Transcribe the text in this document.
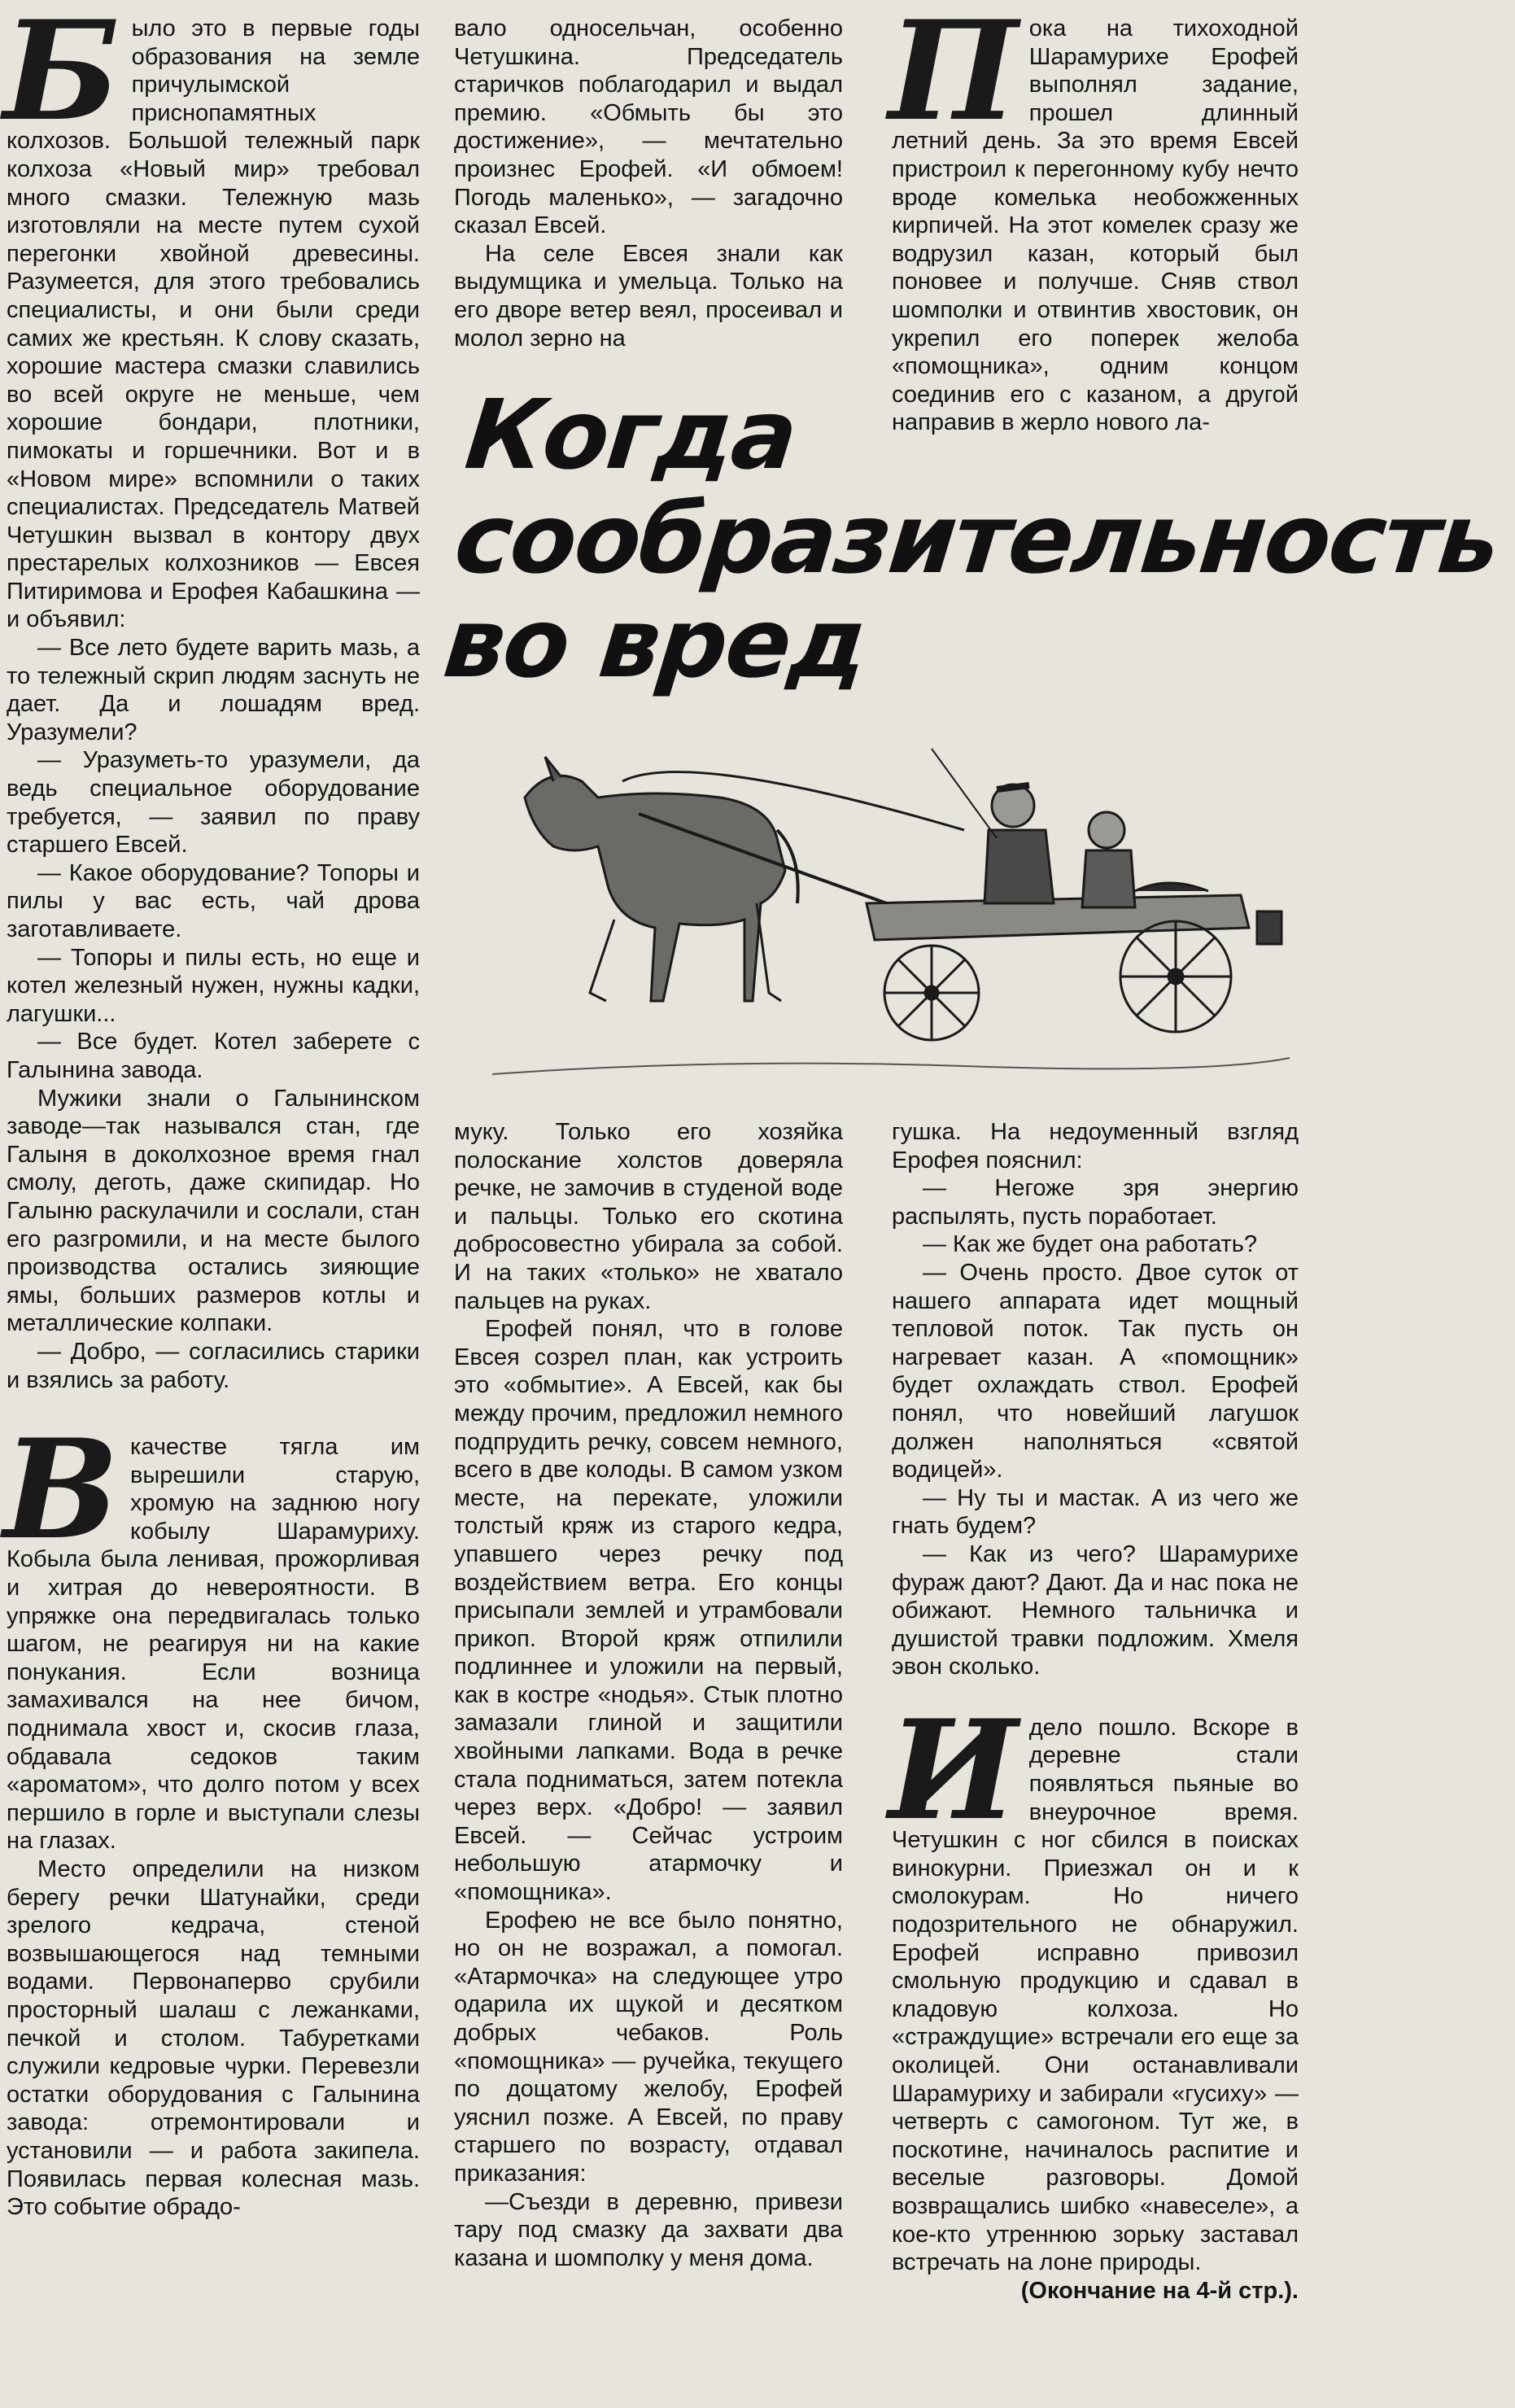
Б ыло это в первые годы образования на земле причулымской приснопамятных колхозов. Большой тележный парк колхоза «Новый мир» требовал много смазки. Тележную мазь изготовляли на месте путем сухой перегонки хвойной древесины. Разумеется, для этого требовались специалисты, и они были среди самих же крестьян. К слову сказать, хорошие мастера смазки славились во всей округе не меньше, чем хорошие бондари, плотники, пимокаты и горшечники. Вот и в «Новом мире» вспомнили о таких специалистах. Председатель Матвей Четушкин вызвал в контору двух престарелых колхозников — Евсея Питиримова и Ерофея Кабашкина — и объявил:

— Все лето будете варить мазь, а то тележный скрип людям заснуть не дает. Да и лошадям вред. Уразумели?

— Уразуметь-то уразумели, да ведь специальное оборудование требуется, — заявил по праву старшего Евсей.

— Какое оборудование? Топоры и пилы у вас есть, чай дрова заготавливаете.

— Топоры и пилы есть, но еще и котел железный нужен, нужны кадки, лагушки...

— Все будет. Котел заберете с Галынина завода.

Мужики знали о Галынинском заводе—так назывался стан, где Галыня в доколхозное время гнал смолу, деготь, даже скипидар. Но Галыню раскулачили и сослали, стан его разгромили, и на месте былого производства остались зияющие ямы, больших размеров котлы и металлические колпаки.

— Добро, — согласились старики и взялись за работу.

В качестве тягла им вырешили старую, хромую на заднюю ногу кобылу Шарамуриху. Кобыла была ленивая, прожорливая и хитрая до невероятности. В упряжке она передвигалась только шагом, не реагируя ни на какие понукания. Если возница замахивался на нее бичом, поднимала хвост и, скосив глаза, обдавала седоков таким «ароматом», что долго потом у всех першило в горле и выступали слезы на глазах.

Место определили на низком берегу речки Шатунайки, среди зрелого кедрача, стеной возвышающегося над темными водами. Первонаперво срубили просторный шалаш с лежанками, печкой и столом. Табуретками служили кедровые чурки. Перевезли остатки оборудования с Галынина завода: отремонтировали и установили — и работа закипела. Появилась первая колесная мазь. Это событие обрадо-

вало односельчан, особенно Четушкина. Председатель старичков поблагодарил и выдал премию. «Обмыть бы это достижение», — мечтательно произнес Ерофей. «И обмоем! Погодь маленько», — загадочно сказал Евсей.

На селе Евсея знали как выдумщика и умельца. Только на его дворе ветер веял, просеивал и молол зерно на

П ока на тихоходной Шарамурихе Ерофей выполнял задание, прошел длинный летний день. За это время Евсей пристроил к перегонному кубу нечто вроде комелька необожженных кирпичей. На этот комелек сразу же водрузил казан, который был поновее и получше. Сняв ствол шомполки и отвинтив хвостовик, он укрепил его поперек желоба «помощника», одним концом соединив его с казаном, а другой направив в жерло нового ла-

Когда
сообразительность
во вред

муку. Только его хозяйка полоскание холстов доверяла речке, не замочив в студеной воде и пальцы. Только его скотина добросовестно убирала за собой. И на таких «только» не хватало пальцев на руках.

Ерофей понял, что в голове Евсея созрел план, как устроить это «обмытие». А Евсей, как бы между прочим, предложил немного подпрудить речку, совсем немного, всего в две колоды. В самом узком месте, на перекате, уложили толстый кряж из старого кедра, упавшего через речку под воздействием ветра. Его концы присыпали землей и утрамбовали прикоп. Второй кряж отпилили подлиннее и уложили на первый, как в костре «нодья». Стык плотно замазали глиной и защитили хвойными лапками. Вода в речке стала подниматься, затем потекла через верх. «Добро! — заявил Евсей. — Сейчас устроим небольшую атармочку и «помощника».

Ерофею не все было понятно, но он не возражал, а помогал. «Атармочка» на следующее утро одарила их щукой и десятком добрых чебаков. Роль «помощника» — ручейка, текущего по дощатому желобу, Ерофей уяснил позже. А Евсей, по праву старшего по возрасту, отдавал приказания:

—Съезди в деревню, привези тару под смазку да захвати два казана и шомполку у меня дома.

гушка. На недоуменный взгляд Ерофея пояснил:

— Негоже зря энергию распылять, пусть поработает.

— Как же будет она работать?

— Очень просто. Двое суток от нашего аппарата идет мощный тепловой поток. Так пусть он нагревает казан. А «помощник» будет охлаждать ствол. Ерофей понял, что новейший лагушок должен наполняться «святой водицей».

— Ну ты и мастак. А из чего же гнать будем?

— Как из чего? Шарамурихе фураж дают? Дают. Да и нас пока не обижают. Немного тальничка и душистой травки подложим. Хмеля эвон сколько.

И дело пошло. Вскоре в деревне стали появляться пьяные во внеурочное время. Четушкин с ног сбился в поисках винокурни. Приезжал он и к смолокурам. Но ничего подозрительного не обнаружил. Ерофей исправно привозил смольную продукцию и сдавал в кладовую колхоза. Но «страждущие» встречали его еще за околицей. Они останавливали Шарамуриху и забирали «гусиху» — четверть с самогоном. Тут же, в поскотине, начиналось распитие и веселые разговоры. Домой возвращались шибко «навеселе», а кое-кто утреннюю зорьку заставал встречать на лоне природы.

(Окончание на 4-й стр.).
